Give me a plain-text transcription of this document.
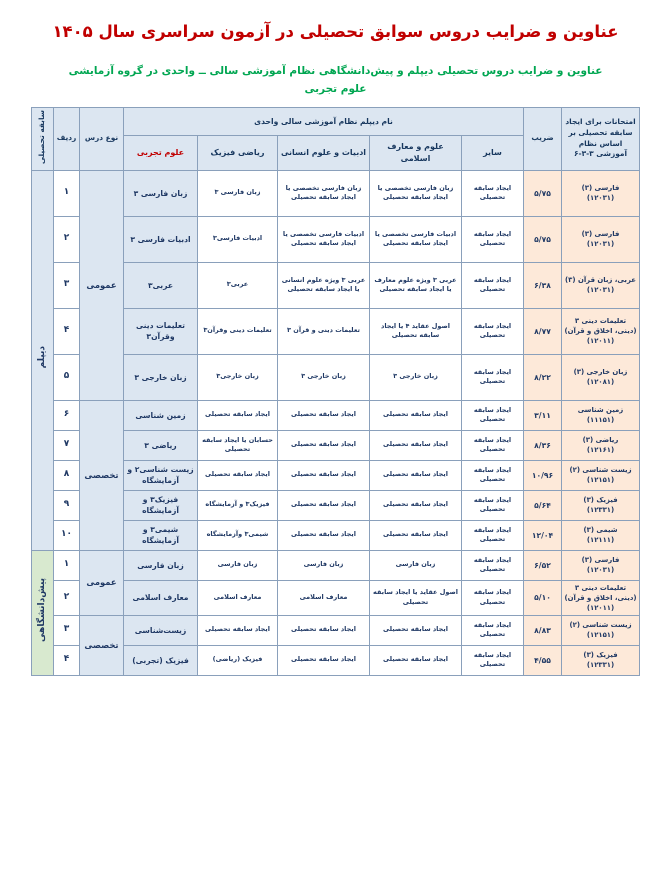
عناوین و ضرایب دروس سوابق تحصیلی در آزمون سراسری سال ۱۴۰۵
عناوین و ضرایب دروس تحصیلی دیپلم و پیش‌دانشگاهی نظام آموزشی سالی ــ واحدی در گروه آزمایشی
علوم تجربی
امتحانات برای ایجاد سابقه تحصیلی بر اساس نظام آموزشی ۳-۳-۶	ضریب	نام دیپلم نظام آموزشی سالی واحدی					نوع درس	ردیف	سابقه تحصیلی
		سایر	علوم و معارف اسلامی	ادبیات و علوم انسانی	ریاضی فیزیک	علوم تجربی			
فارسی (۳)
(۱۲۰۳۱)	۵/۷۵	ایجاد سابقه تحصیلی	زبان فارسی تخصصی یا ایجاد سابقه تحصیلی	زبان فارسی تخصصی یا ایجاد سابقه تحصیلی	زبان فارسی ۳	زبان فارسی ۳	عمومی	۱	دیپلم
فارسی (۳)
(۱۲۰۳۱)	۵/۷۵	ایجاد سابقه تحصیلی	ادبیات فارسی تخصصی یا ایجاد سابقه تحصیلی	ادبیات فارسی تخصصی یا ایجاد سابقه تحصیلی	ادبیات فارسی۳	ادبیات فارسی ۳		۲	
عربی، زبان قرآن (۳)
(۱۲۰۳۱)	۶/۳۸	ایجاد سابقه تحصیلی	عربی ۳ ویژه علوم معارف یا ایجاد سابقه تحصیلی	عربی ۳ ویژه علوم انسانی یا ایجاد سابقه تحصیلی	عربی۳	عربی۳		۳	
تعلیمات دینی ۳ (دینی، اخلاق و قرآن)(۱۲۰۱۱)	۸/۷۷	ایجاد سابقه تحصیلی	اصول عقاید ۴ یا ایجاد سابقه تحصیلی	تعلیمات دینی و قرآن ۳	تعلیمات دینی وقرآن۳	تعلیمات دینی وقرآن۳		۴	
زبان خارجی (۳)
(۱۲۰۸۱)	۸/۲۲	ایجاد سابقه تحصیلی	زبان خارجی ۳	زبان خارجی ۳	زبان خارجی۳	زبان خارجی ۳		۵	
زمین شناسی
(۱۱۱۵۱)	۳/۱۱	ایجاد سابقه تحصیلی	ایجاد سابقه تحصیلی	ایجاد سابقه تحصیلی	ایجاد سابقه تحصیلی	زمین شناسی	تخصصی	۶	
ریاضی (۳)
(۱۲۱۶۱)	۸/۳۶	ایجاد سابقه تحصیلی	ایجاد سابقه تحصیلی	ایجاد سابقه تحصیلی	حسابان یا ایجاد سابقه تحصیلی	ریاضی ۳		۷	
زیست شناسی (۲)
(۱۲۱۵۱)	۱۰/۹۶	ایجاد سابقه تحصیلی	ایجاد سابقه تحصیلی	ایجاد سابقه تحصیلی	ایجاد سابقه تحصیلی	زیست شناسی۲ و آزمایشگاه		۸	
فیزیک (۳)
(۱۲۳۳۱)	۵/۶۴	ایجاد سابقه تحصیلی	ایجاد سابقه تحصیلی	ایجاد سابقه تحصیلی	فیزیک۳ و آزمایشگاه	فیزیک۳ و آزمایشگاه		۹	
شیمی (۳)
(۱۲۱۱۱)	۱۲/۰۴	ایجاد سابقه تحصیلی	ایجاد سابقه تحصیلی	ایجاد سابقه تحصیلی	شیمی۳ وآزمایشگاه	شیمی۳ و آزمایشگاه		۱۰	
فارسی (۳)
(۱۲۰۳۱)	۶/۵۲	ایجاد سابقه تحصیلی	زبان فارسی	زبان فارسی	زبان فارسی	زبان فارسی	عمومی	۱	پیش‌دانشگاهی
تعلیمات دینی ۳ (دینی، اخلاق و قرآن)(۱۲۰۱۱)	۵/۱۰	ایجاد سابقه تحصیلی	اصول عقاید یا ایجاد سابقه تحصیلی	معارف اسلامی	معارف اسلامی	معارف اسلامی		۲	
زیست شناسی (۲)
(۱۲۱۵۱)	۸/۸۳	ایجاد سابقه تحصیلی	ایجاد سابقه تحصیلی	ایجاد سابقه تحصیلی	ایجاد سابقه تحصیلی	زیست‌شناسی	تخصصی	۳	
فیزیک (۳)
(۱۲۳۳۱)	۴/۵۵	ایجاد سابقه تحصیلی	ایجاد سابقه تحصیلی	ایجاد سابقه تحصیلی	فیزیک (ریاضی)	فیزیک (تجربی)		۴	
